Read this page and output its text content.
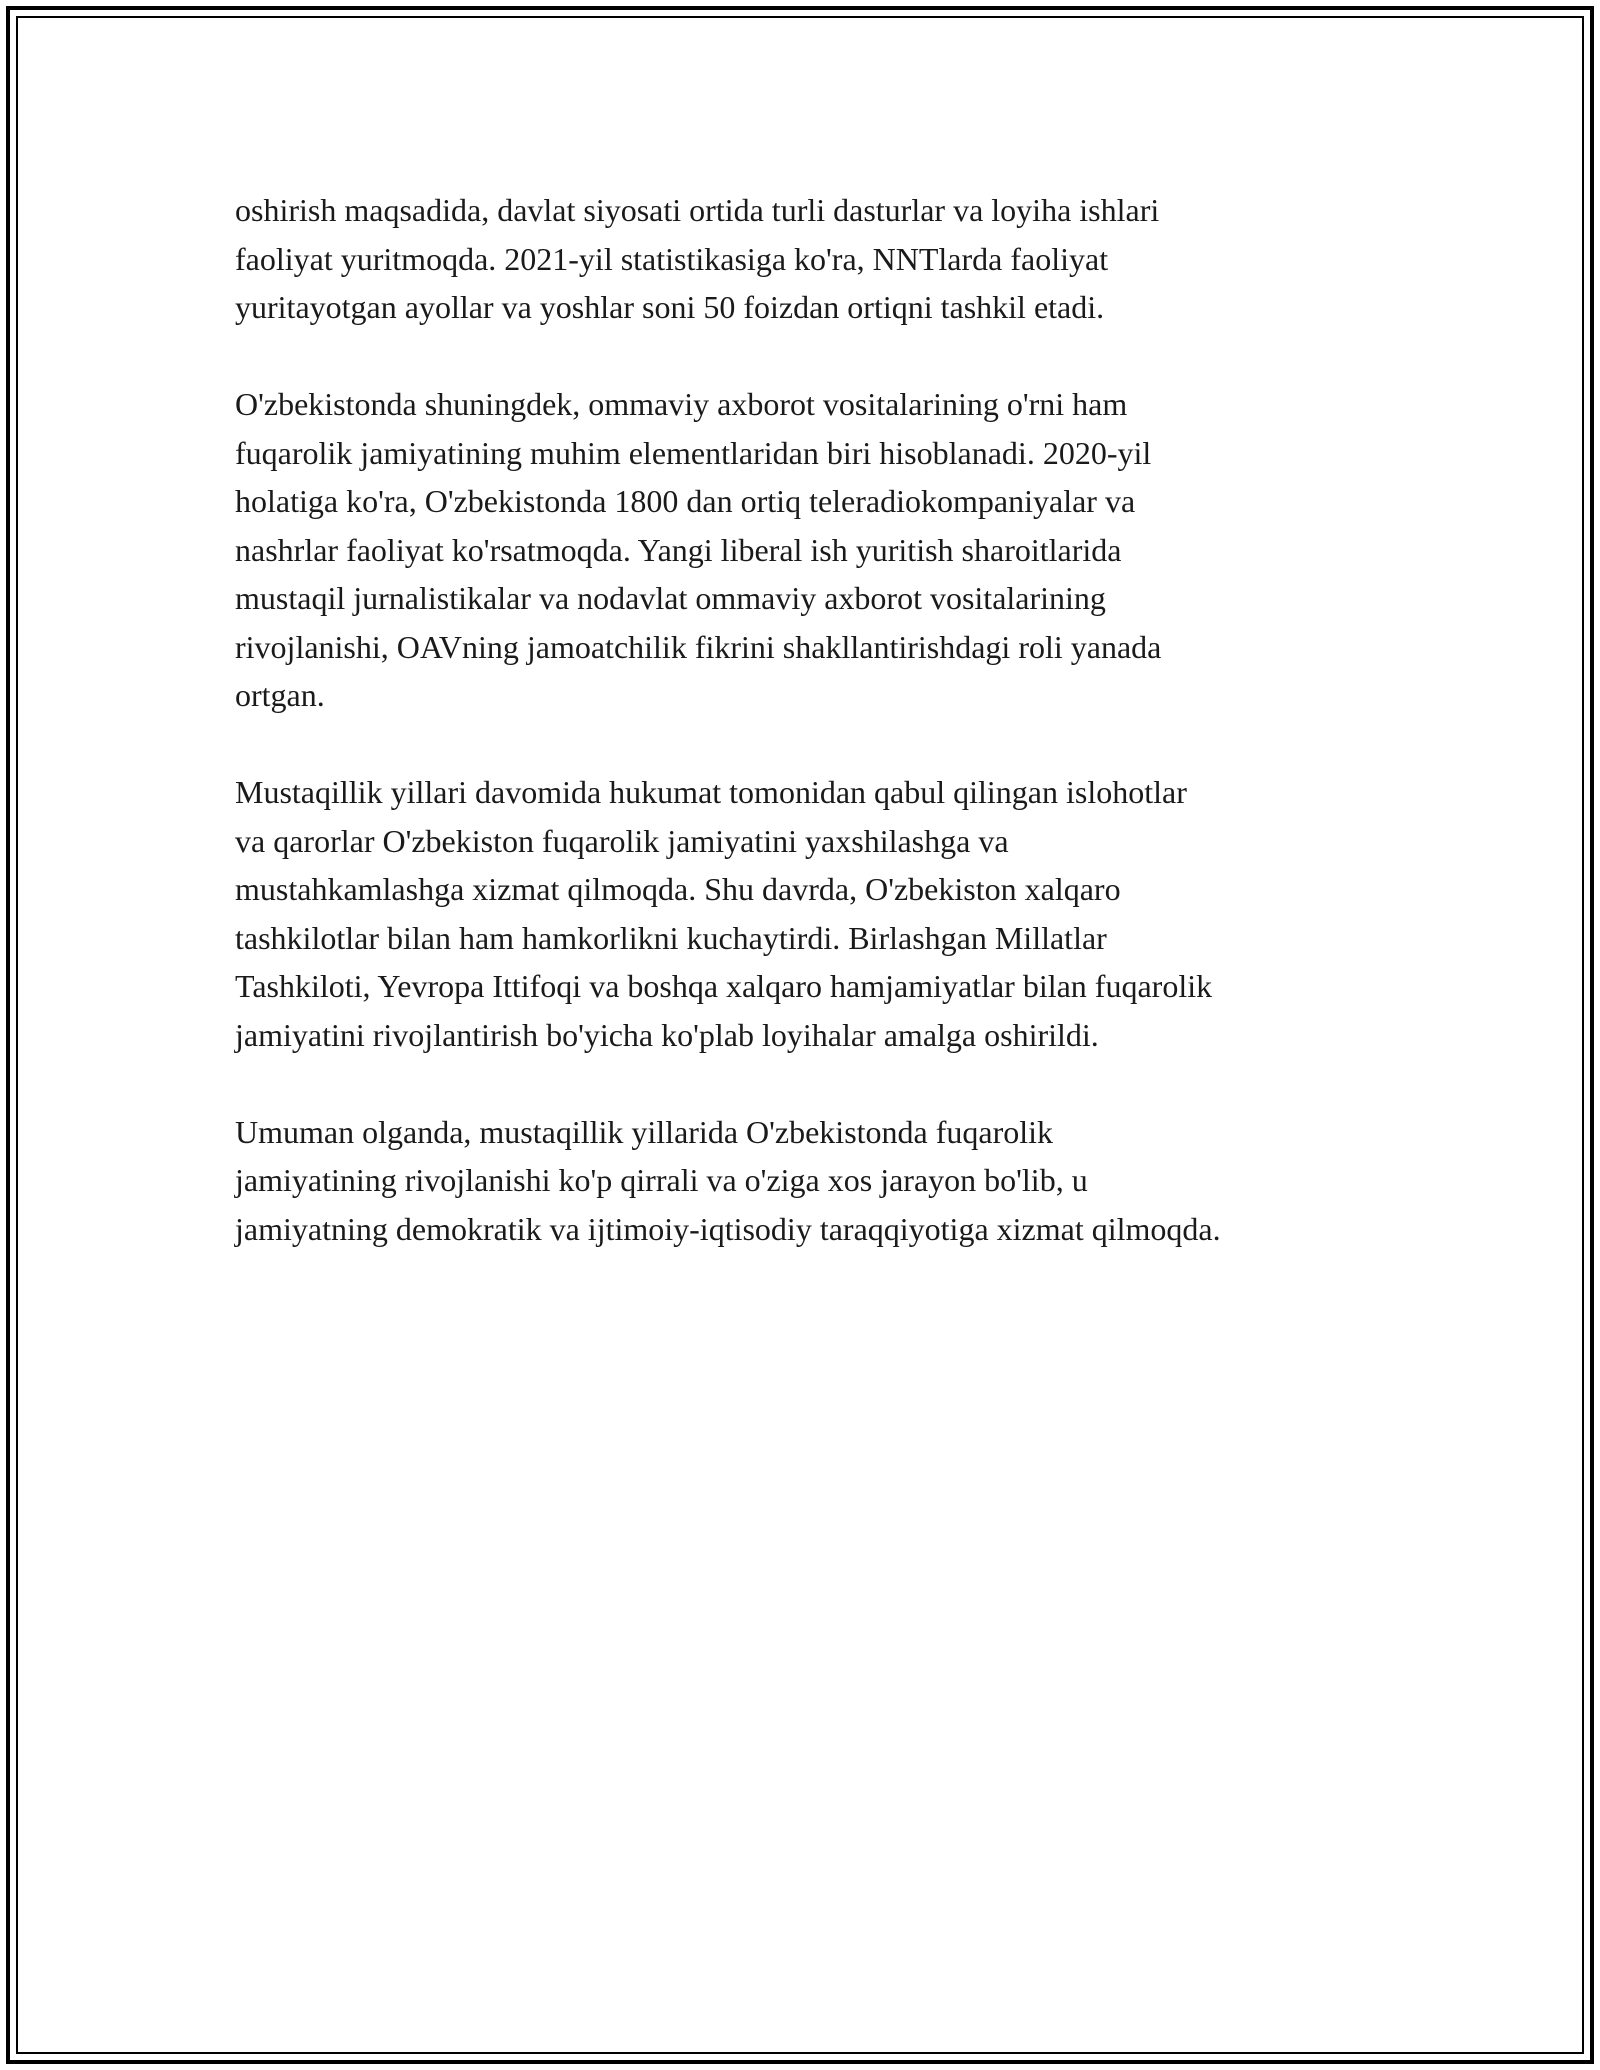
oshirish maqsadida, davlat siyosati ortida turli dasturlar va loyiha ishlari
faoliyat yuritmoqda. 2021-yil statistikasiga ko'ra, NNTlarda faoliyat
yuritayotgan ayollar va yoshlar soni 50 foizdan ortiqni tashkil etadi.

O'zbekistonda shuningdek, ommaviy axborot vositalarining o'rni ham
fuqarolik jamiyatining muhim elementlaridan biri hisoblanadi. 2020-yil
holatiga ko'ra, O'zbekistonda 1800 dan ortiq teleradiokompaniyalar va
nashrlar faoliyat ko'rsatmoqda. Yangi liberal ish yuritish sharoitlarida
mustaqil jurnalistikalar va nodavlat ommaviy axborot vositalarining
rivojlanishi, OAVning jamoatchilik fikrini shakllantirishdagi roli yanada
ortgan.

Mustaqillik yillari davomida hukumat tomonidan qabul qilingan islohotlar
va qarorlar O'zbekiston fuqarolik jamiyatini yaxshilashga va
mustahkamlashga xizmat qilmoqda. Shu davrda, O'zbekiston xalqaro
tashkilotlar bilan ham hamkorlikni kuchaytirdi. Birlashgan Millatlar
Tashkiloti, Yevropa Ittifoqi va boshqa xalqaro hamjamiyatlar bilan fuqarolik
jamiyatini rivojlantirish bo'yicha ko'plab loyihalar amalga oshirildi.

Umuman olganda, mustaqillik yillarida O'zbekistonda fuqarolik
jamiyatining rivojlanishi ko'p qirrali va o'ziga xos jarayon bo'lib, u
jamiyatning demokratik va ijtimoiy-iqtisodiy taraqqiyotiga xizmat qilmoqda.
